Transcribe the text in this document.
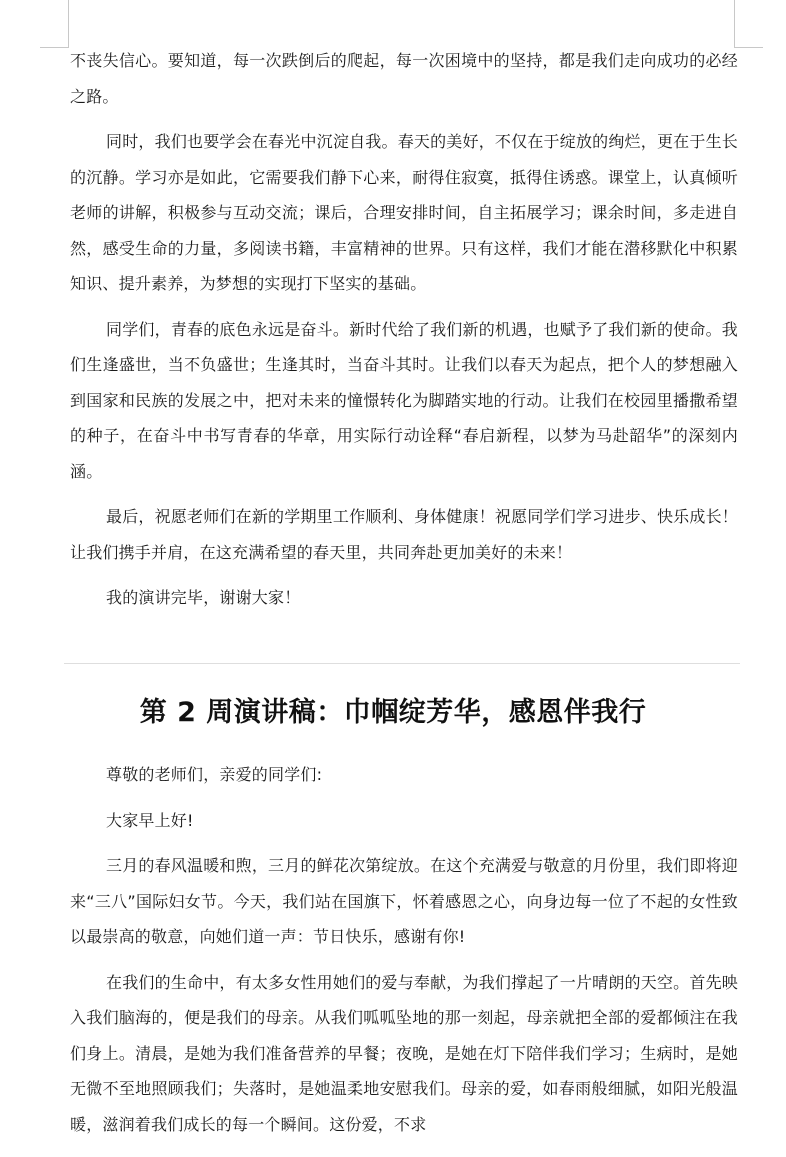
不丧失信心。要知道，每一次跌倒后的爬起，每一次困境中的坚持，都是我们走向成功的必经之路。

同时，我们也要学会在春光中沉淀自我。春天的美好，不仅在于绽放的绚烂，更在于生长的沉静。学习亦是如此，它需要我们静下心来，耐得住寂寞，抵得住诱惑。课堂上，认真倾听老师的讲解，积极参与互动交流；课后，合理安排时间，自主拓展学习；课余时间，多走进自然，感受生命的力量，多阅读书籍，丰富精神的世界。只有这样，我们才能在潜移默化中积累知识、提升素养，为梦想的实现打下坚实的基础。

同学们，青春的底色永远是奋斗。新时代给了我们新的机遇，也赋予了我们新的使命。我们生逢盛世，当不负盛世；生逢其时，当奋斗其时。让我们以春天为起点，把个人的梦想融入到国家和民族的发展之中，把对未来的憧憬转化为脚踏实地的行动。让我们在校园里播撒希望的种子，在奋斗中书写青春的华章，用实际行动诠释“春启新程，以梦为马赴韶华”的深刻内涵。

最后，祝愿老师们在新的学期里工作顺利、身体健康！祝愿同学们学习进步、快乐成长！让我们携手并肩，在这充满希望的春天里，共同奔赴更加美好的未来！

我的演讲完毕，谢谢大家！

第 2 周演讲稿：巾帼绽芳华，感恩伴我行

尊敬的老师们，亲爱的同学们:

大家早上好!

三月的春风温暖和煦，三月的鲜花次第绽放。在这个充满爱与敬意的月份里，我们即将迎来“三八”国际妇女节。今天，我们站在国旗下，怀着感恩之心，向身边每一位了不起的女性致以最崇高的敬意，向她们道一声：节日快乐，感谢有你!

在我们的生命中，有太多女性用她们的爱与奉献，为我们撑起了一片晴朗的天空。首先映入我们脑海的，便是我们的母亲。从我们呱呱坠地的那一刻起，母亲就把全部的爱都倾注在我们身上。清晨，是她为我们准备营养的早餐；夜晚，是她在灯下陪伴我们学习；生病时，是她无微不至地照顾我们；失落时，是她温柔地安慰我们。母亲的爱，如春雨般细腻，如阳光般温暖，滋润着我们成长的每一个瞬间。这份爱，不求
